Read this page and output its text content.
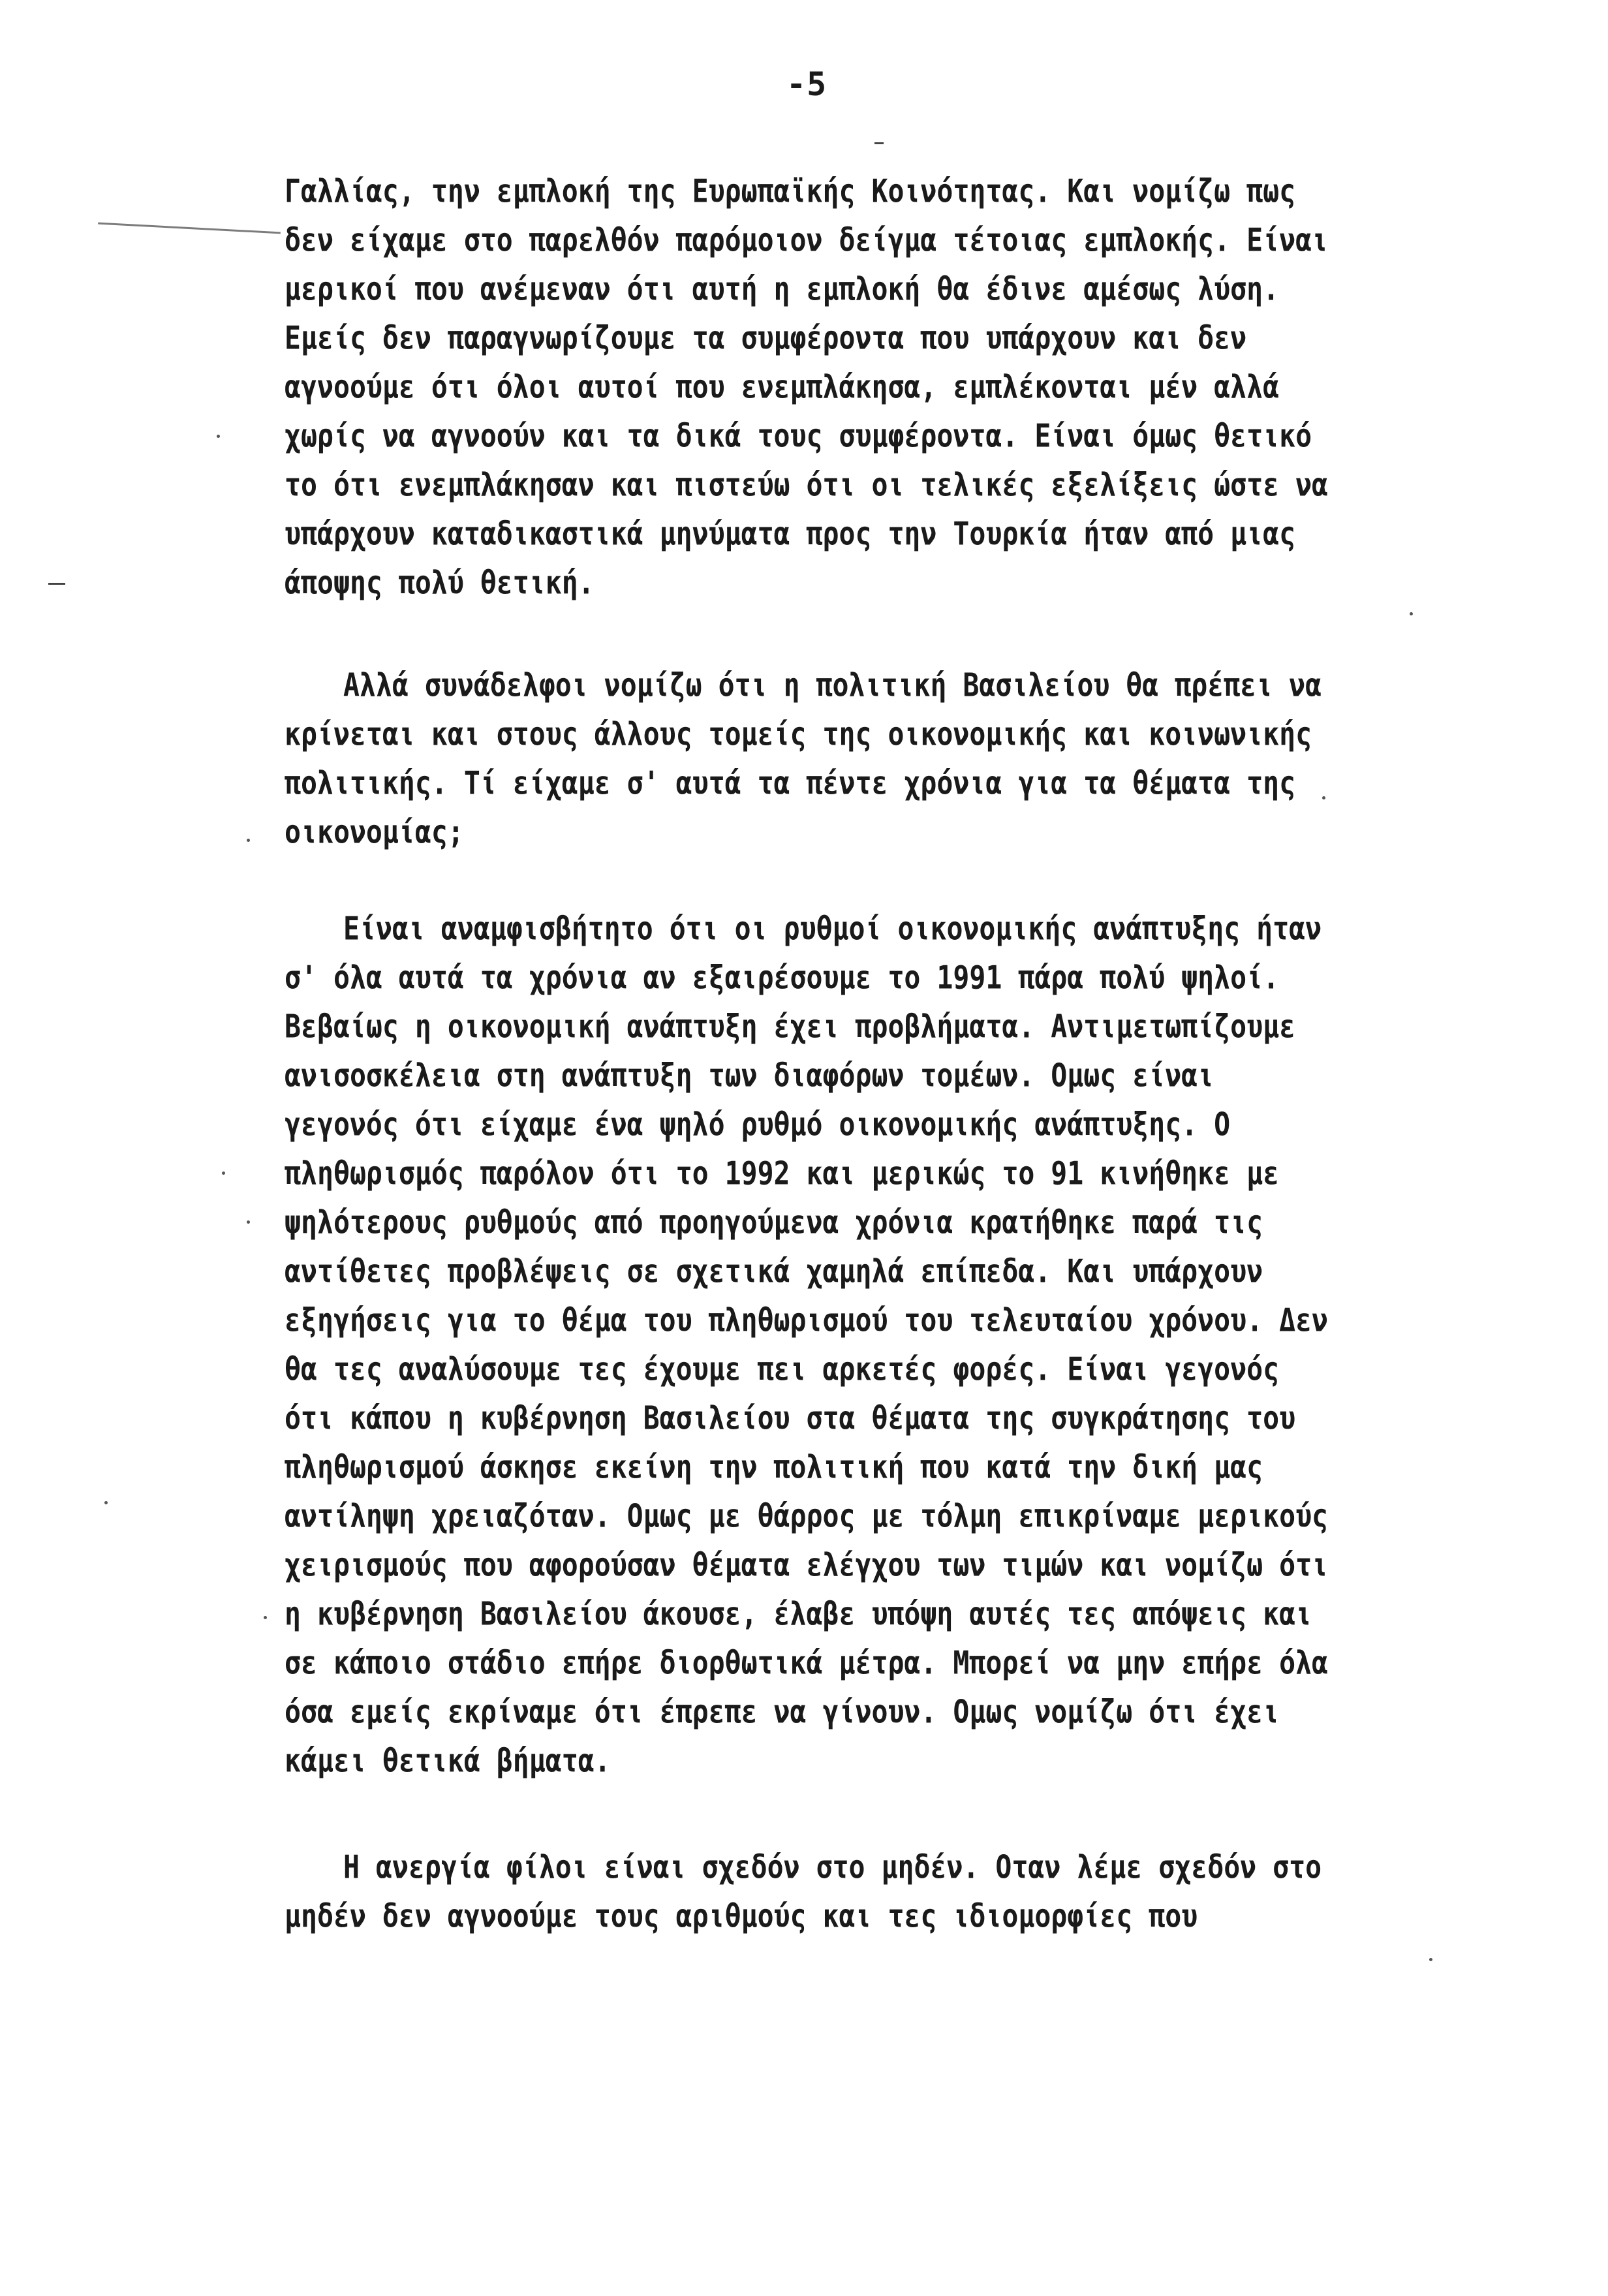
-5
Γαλλίας, την εμπλοκή της Ευρωπαϊκής Κοινότητας. Και νομίζω πως
δεν είχαμε στο παρελθόν παρόμοιον δείγμα τέτοιας εμπλοκής. Είναι
μερικοί που ανέμεναν ότι αυτή η εμπλοκή θα έδινε αμέσως λύση.
Εμείς δεν παραγνωρίζουμε τα συμφέροντα που υπάρχουν και δεν
αγνοούμε ότι όλοι αυτοί που ενεμπλάκησα, εμπλέκονται μέν αλλά
χωρίς να αγνοούν και τα δικά τους συμφέροντα. Είναι όμως θετικό
το ότι ενεμπλάκησαν και πιστεύω ότι οι τελικές εξελίξεις ώστε να
υπάρχουν καταδικαστικά μηνύματα προς την Τουρκία ήταν από μιας
άποψης πολύ θετική.
Αλλά συνάδελφοι νομίζω ότι η πολιτική Βασιλείου θα πρέπει να
κρίνεται και στους άλλους τομείς της οικονομικής και κοινωνικής
πολιτικής. Τί είχαμε σ' αυτά τα πέντε χρόνια για τα θέματα της
οικονομίας;
Είναι αναμφισβήτητο ότι οι ρυθμοί οικονομικής ανάπτυξης ήταν
σ' όλα αυτά τα χρόνια αν εξαιρέσουμε το 1991 πάρα πολύ ψηλοί.
Βεβαίως η οικονομική ανάπτυξη έχει προβλήματα. Αντιμετωπίζουμε
ανισοσκέλεια στη ανάπτυξη των διαφόρων τομέων. Ομως είναι
γεγονός ότι είχαμε ένα ψηλό ρυθμό οικονομικής ανάπτυξης. Ο
πληθωρισμός παρόλον ότι το 1992 και μερικώς το 91 κινήθηκε με
ψηλότερους ρυθμούς από προηγούμενα χρόνια κρατήθηκε παρά τις
αντίθετες προβλέψεις σε σχετικά χαμηλά επίπεδα. Και υπάρχουν
εξηγήσεις για το θέμα του πληθωρισμού του τελευταίου χρόνου. Δεν
θα τες αναλύσουμε τες έχουμε πει αρκετές φορές. Είναι γεγονός
ότι κάπου η κυβέρνηση Βασιλείου στα θέματα της συγκράτησης του
πληθωρισμού άσκησε εκείνη την πολιτική που κατά την δική μας
αντίληψη χρειαζόταν. Ομως με θάρρος με τόλμη επικρίναμε μερικούς
χειρισμούς που αφορούσαν θέματα ελέγχου των τιμών και νομίζω ότι
η κυβέρνηση Βασιλείου άκουσε, έλαβε υπόψη αυτές τες απόψεις και
σε κάποιο στάδιο επήρε διορθωτικά μέτρα. Μπορεί να μην επήρε όλα
όσα εμείς εκρίναμε ότι έπρεπε να γίνουν. Ομως νομίζω ότι έχει
κάμει θετικά βήματα.
Η ανεργία φίλοι είναι σχεδόν στο μηδέν. Οταν λέμε σχεδόν στο
μηδέν δεν αγνοούμε τους αριθμούς και τες ιδιομορφίες που
